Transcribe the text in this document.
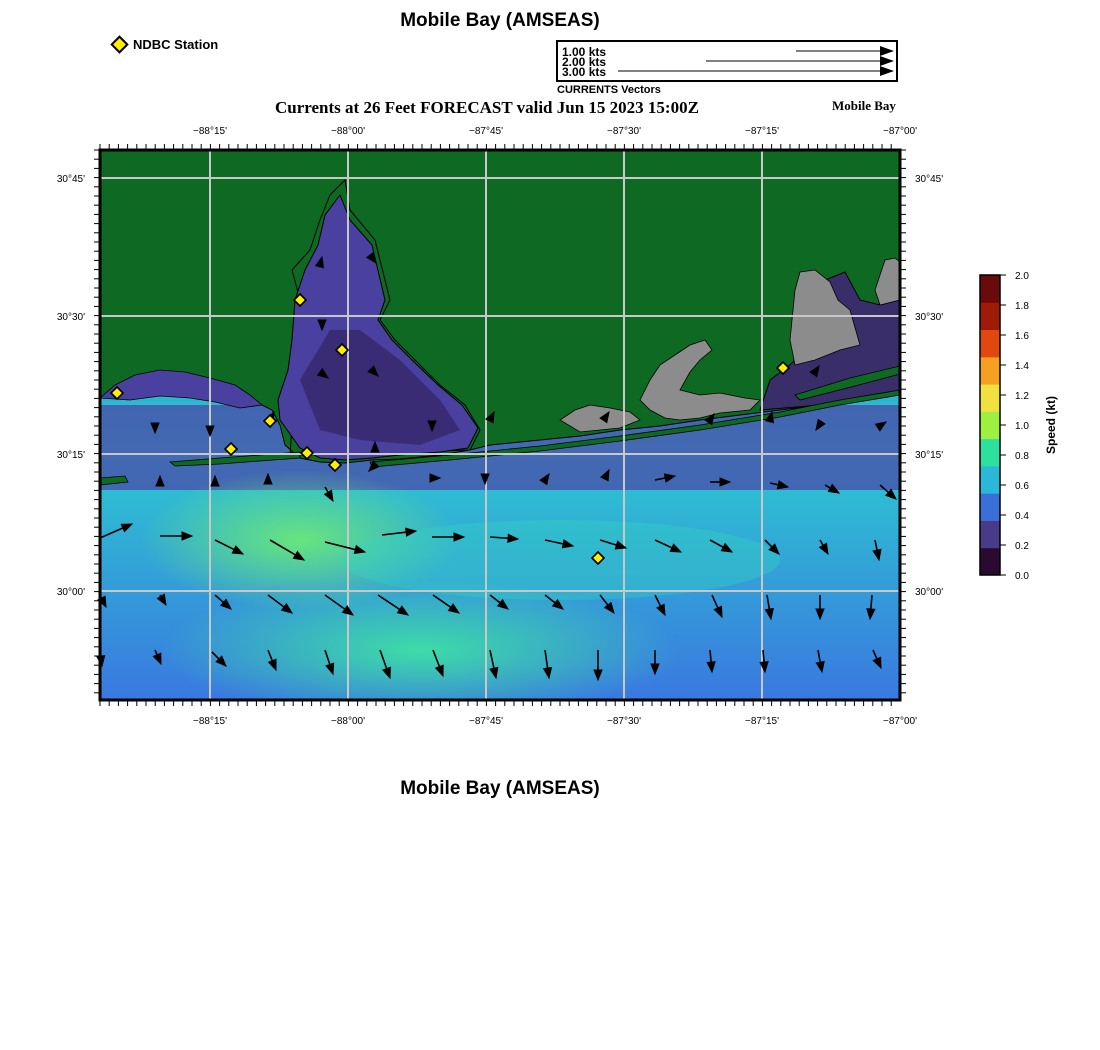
Mobile Bay (AMSEAS)
NDBC Station	1.00 kts
2.00 kts
3.00 kts
CURRENTS Vectors
Currents at 26 Feet FORECAST valid Jun 15 2023 15:00Z	Mobile Bay
−88°15'	−88°00'	−87°45'	−87°30'	−87°15'	−87°00'
−88°15'	−88°00'	−87°45'	−87°30'	−87°15'	−87°00'
30°45'
30°30'
30°15'
30°00'
30°45'
30°30'
30°15'
30°00'
2.0
1.8
1.6
1.4
1.2
1.0
0.8
0.6
0.4
0.2
0.0
Speed (kt)
Mobile Bay (AMSEAS)
